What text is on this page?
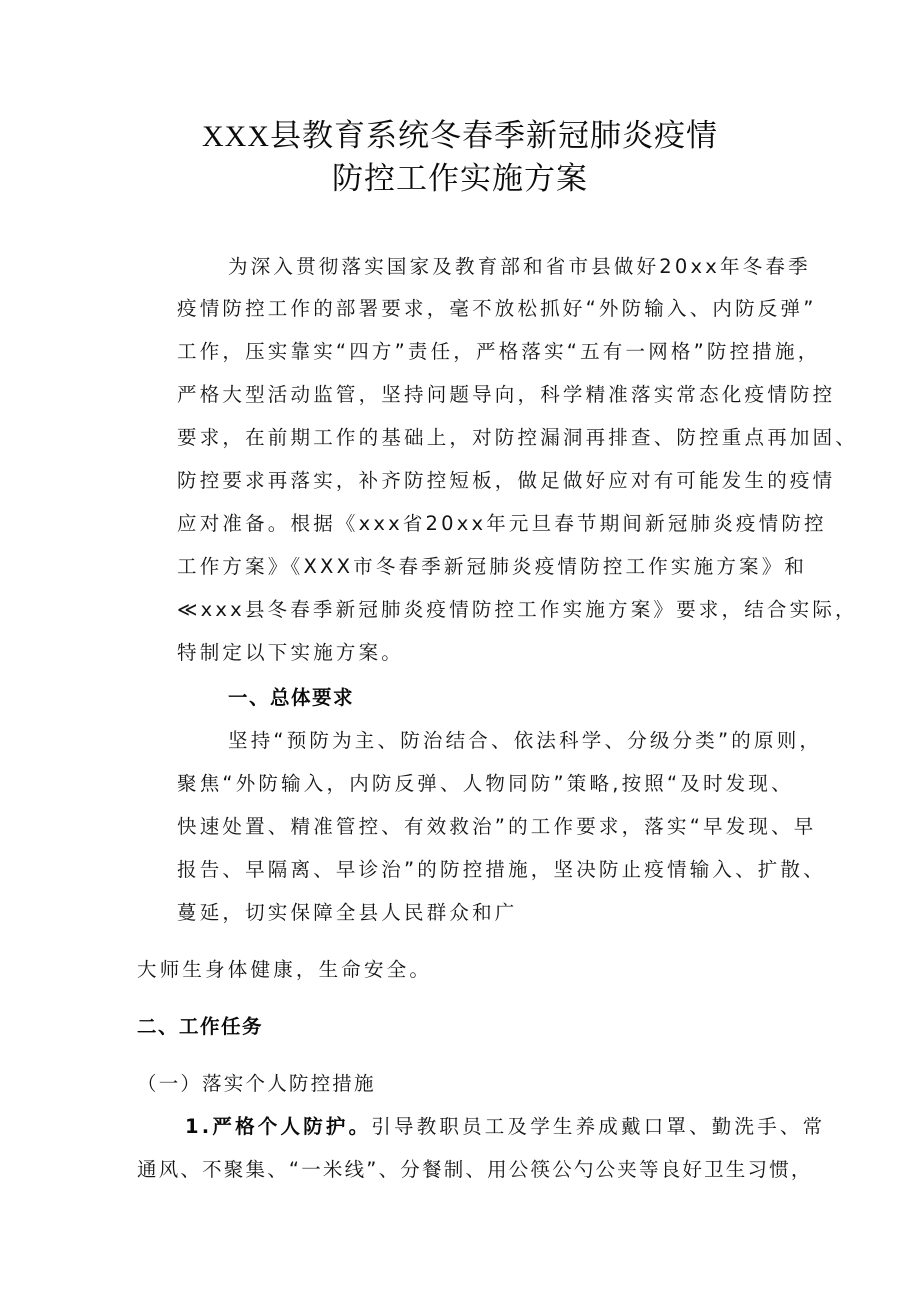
XXX县教育系统冬春季新冠肺炎疫情
防控工作实施方案
为深入贯彻落实国家及教育部和省市县做好20xx年冬春季
疫情防控工作的部署要求，毫不放松抓好“外防输入、内防反弹”
工作，压实靠实“四方”责任，严格落实“五有一网格”防控措施，
严格大型活动监管，坚持问题导向，科学精准落实常态化疫情防控
要求，在前期工作的基础上，对防控漏洞再排查、防控重点再加固、
防控要求再落实，补齐防控短板，做足做好应对有可能发生的疫情
应对准备。根据《xxx省20xx年元旦春节期间新冠肺炎疫情防控
工作方案》《XXX市冬春季新冠肺炎疫情防控工作实施方案》和
≪xxx县冬春季新冠肺炎疫情防控工作实施方案》要求，结合实际，
特制定以下实施方案。
一、总体要求
坚持“预防为主、防治结合、依法科学、分级分类”的原则，
聚焦“外防输入，内防反弹、人物同防”策略,按照“及时发现、
快速处置、精准管控、有效救治”的工作要求，落实“早发现、早
报告、早隔离、早诊治”的防控措施，坚决防止疫情输入、扩散、
蔓延，切实保障全县人民群众和广
大师生身体健康，生命安全。
二、工作任务
（一）落实个人防控措施
1.严格个人防护。引导教职员工及学生养成戴口罩、勤洗手、常
通风、不聚集、“一米线”、分餐制、用公筷公勺公夹等良好卫生习惯，
